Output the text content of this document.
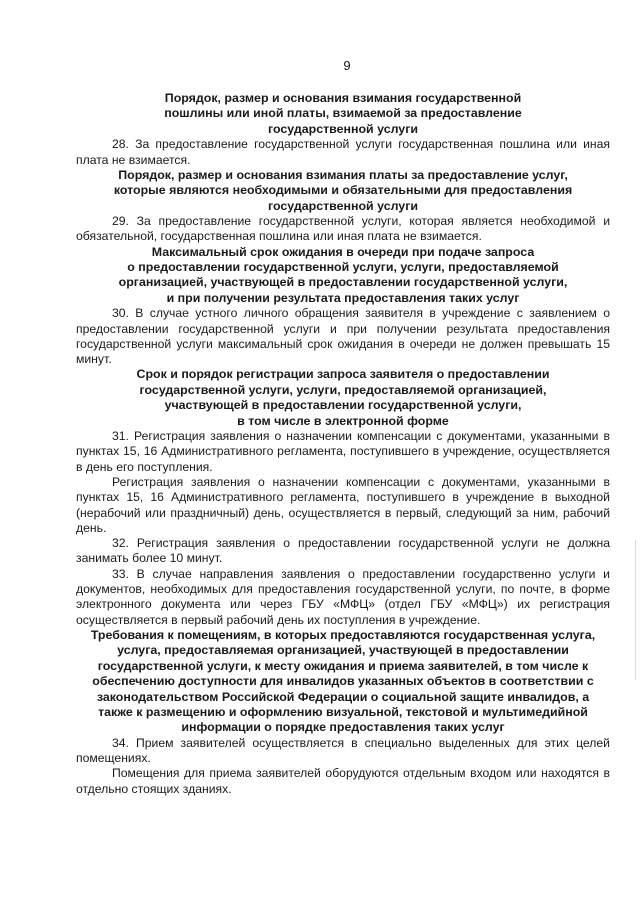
9
Порядок, размер и основания взимания государственной
пошлины или иной платы, взимаемой за предоставление
государственной услуги

28. За предоставление государственной услуги государственная пошлина или иная плата не взимается.

Порядок, размер и основания взимания платы за предоставление услуг,
которые являются необходимыми и обязательными для предоставления
государственной услуги

29. За предоставление государственной услуги, которая является необходимой и обязательной, государственная пошлина или иная плата не взимается.

Максимальный срок ожидания в очереди при подаче запроса
о предоставлении государственной услуги, услуги, предоставляемой
организацией, участвующей в предоставлении государственной услуги,
и при получении результата предоставления таких услуг

30. В случае устного личного обращения заявителя в учреждение с заявлением о предоставлении государственной услуги и при получении результата предоставления государственной услуги максимальный срок ожидания в очереди не должен превышать 15 минут.

Срок и порядок регистрации запроса заявителя о предоставлении
государственной услуги, услуги, предоставляемой организацией,
участвующей в предоставлении государственной услуги,
в том числе в электронной форме

31. Регистрация заявления о назначении компенсации с документами, указанными в пунктах 15, 16 Административного регламента, поступившего в учреждение, осуществляется в день его поступления.

Регистрация заявления о назначении компенсации с документами, указанными в пунктах 15, 16 Административного регламента, поступившего в учреждение в выходной (нерабочий или праздничный) день, осуществляется в первый, следующий за ним, рабочий день.

32. Регистрация заявления о предоставлении государственной услуги не должна занимать более 10 минут.

33. В случае направления заявления о предоставлении государственно услуги и документов, необходимых для предоставления государственной услуги, по почте, в форме электронного документа или через ГБУ «МФЦ» (отдел ГБУ «МФЦ») их регистрация осуществляется в первый рабочий день их поступления в учреждение.

Требования к помещениям, в которых предоставляются государственная услуга,
услуга, предоставляемая организацией, участвующей в предоставлении
государственной услуги, к месту ожидания и приема заявителей, в том числе к
обеспечению доступности для инвалидов указанных объектов в соответствии с
законодательством Российской Федерации о социальной защите инвалидов, а
также к размещению и оформлению визуальной, текстовой и мультимедийной
информации о порядке предоставления таких услуг

34. Прием заявителей осуществляется в специально выделенных для этих целей помещениях.

Помещения для приема заявителей оборудуются отдельным входом или находятся в отдельно стоящих зданиях.
